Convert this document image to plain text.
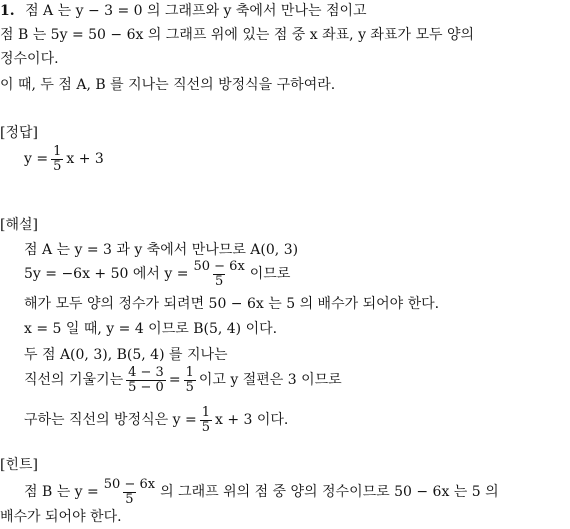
1. 점 A 는 y − 3 = 0 의 그래프와 y 축에서 만나는 점이고
점 B 는 5y = 50 − 6x 의 그래프 위에 있는 점 중 x 좌표, y 좌표가 모두 양의
정수이다.
이 때, 두 점 A, B 를 지나는 직선의 방정식을 구하여라.
[정답]
$y = \frac{1}{5}$ x + 3
[해설]
점 A 는 y = 3 과 y 축에서 만나므로 A(0, 3)
5y = −6x + 50 에서 $y = \frac{50 - 6x}{5}$ 이므로
해가 모두 양의 정수가 되려면 50 − 6x 는 5 의 배수가 되어야 한다.
x = 5 일 때, y = 4 이므로 B(5, 4) 이다.
두 점 A(0, 3), B(5, 4) 를 지나는
직선의 기울기는 $\frac{4 - 3}{5 - 0} = \frac{1}{5}$ 이고 y 절편은 3 이므로
구하는 직선의 방정식은 $y = \frac{1}{5}$ x + 3 이다.
[힌트]
점 B 는 $y = \frac{50 - 6x}{5}$ 의 그래프 위의 점 중 양의 정수이므로 50 − 6x 는 5 의
배수가 되어야 한다.
